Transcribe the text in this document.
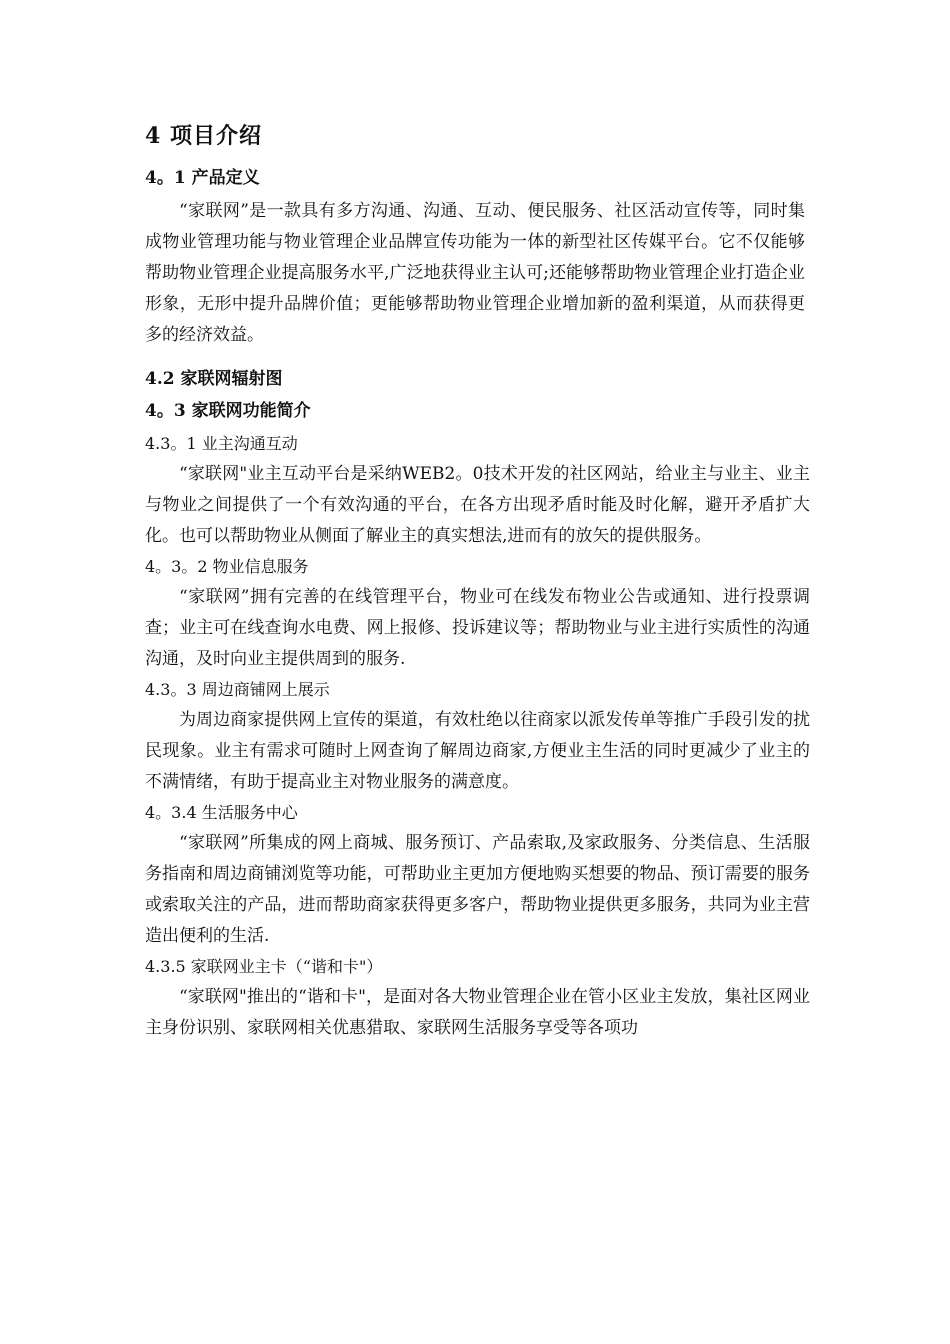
4 项目介绍
4。1 产品定义

“家联网”是一款具有多方沟通、沟通、互动、便民服务、社区活动宣传等，同时集成物业管理功能与物业管理企业品牌宣传功能为一体的新型社区传媒平台。它不仅能够帮助物业管理企业提高服务水平,广泛地获得业主认可;还能够帮助物业管理企业打造企业形象，无形中提升品牌价值；更能够帮助物业管理企业增加新的盈利渠道，从而获得更多的经济效益。

4.2 家联网辐射图
4。3 家联网功能简介
4.3。1 业主沟通互动

“家联网"业主互动平台是采纳WEB2。0技术开发的社区网站，给业主与业主、业主与物业之间提供了一个有效沟通的平台，在各方出现矛盾时能及时化解，避开矛盾扩大化。也可以帮助物业从侧面了解业主的真实想法,进而有的放矢的提供服务。

4。3。2 物业信息服务

“家联网”拥有完善的在线管理平台，物业可在线发布物业公告或通知、进行投票调查；业主可在线查询水电费、网上报修、投诉建议等；帮助物业与业主进行实质性的沟通沟通，及时向业主提供周到的服务.

4.3。3 周边商铺网上展示

为周边商家提供网上宣传的渠道，有效杜绝以往商家以派发传单等推广手段引发的扰民现象。业主有需求可随时上网查询了解周边商家,方便业主生活的同时更减少了业主的不满情绪，有助于提高业主对物业服务的满意度。

4。3.4 生活服务中心

“家联网”所集成的网上商城、服务预订、产品索取,及家政服务、分类信息、生活服务指南和周边商铺浏览等功能，可帮助业主更加方便地购买想要的物品、预订需要的服务或索取关注的产品，进而帮助商家获得更多客户，帮助物业提供更多服务，共同为业主营造出便利的生活.

4.3.5 家联网业主卡（“谐和卡"）

“家联网"推出的“谐和卡"，是面对各大物业管理企业在管小区业主发放，集社区网业主身份识别、家联网相关优惠猎取、家联网生活服务享受等各项功
